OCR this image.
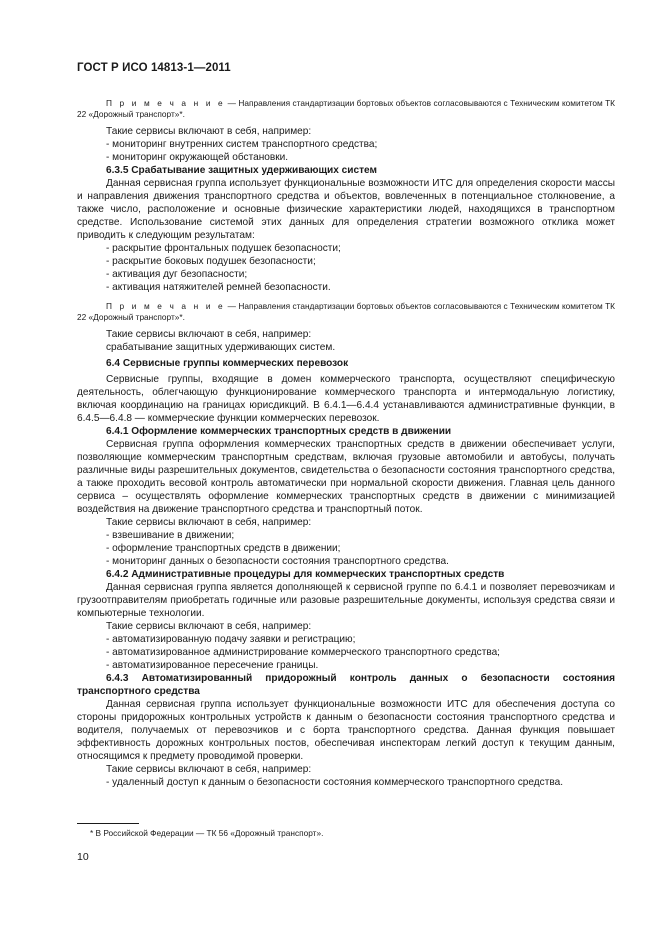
ГОСТ Р ИСО 14813-1—2011

П р и м е ч а н и е — Направления стандартизации бортовых объектов согласовываются с Техническим комитетом ТК 22 «Дорожный транспорт»*.

Такие сервисы включают в себя, например:

- мониторинг внутренних систем транспортного средства;

- мониторинг окружающей обстановки.

6.3.5 Срабатывание защитных удерживающих систем

Данная сервисная группа использует функциональные возможности ИТС для определения скорости массы и направления движения транспортного средства и объектов, вовлеченных в потенциальное столкновение, а также число, расположение и основные физические характеристики людей, находящихся в транспортном средстве. Использование системой этих данных для определения стратегии возможного отклика может приводить к следующим результатам:

- раскрытие фронтальных подушек безопасности;

- раскрытие боковых подушек безопасности;

- активация дуг безопасности;

- активация натяжителей ремней безопасности.

П р и м е ч а н и е — Направления стандартизации бортовых объектов согласовываются с Техническим комитетом ТК 22 «Дорожный транспорт»*.

Такие сервисы включают в себя, например:

срабатывание защитных удерживающих систем.

6.4 Сервисные группы коммерческих перевозок

Сервисные группы, входящие в домен коммерческого транспорта, осуществляют специфическую деятельность, облегчающую функционирование коммерческого транспорта и интермодальную логистику, включая координацию на границах юрисдикций. В 6.4.1—6.4.4 устанавливаются административные функции, в 6.4.5—6.4.8 — коммерческие функции коммерческих перевозок.

6.4.1 Оформление коммерческих транспортных средств в движении

Сервисная группа оформления коммерческих транспортных средств в движении обеспечивает услуги, позволяющие коммерческим транспортным средствам, включая грузовые автомобили и автобусы, получать различные виды разрешительных документов, свидетельства о безопасности состояния транспортного средства, а также проходить весовой контроль автоматически при нормальной скорости движения. Главная цель данного сервиса – осуществлять оформление коммерческих транспортных средств в движении с минимизацией воздействия на движение транспортного средства и транспортный поток.

Такие сервисы включают в себя, например:

- взвешивание в движении;

- оформление транспортных средств в движении;

- мониторинг данных о безопасности состояния транспортного средства.

6.4.2 Административные процедуры для коммерческих транспортных средств

Данная сервисная группа является дополняющей к сервисной группе по 6.4.1 и позволяет перевозчикам и грузоотправителям приобретать годичные или разовые разрешительные документы, используя средства связи и компьютерные технологии.

Такие сервисы включают в себя, например:

- автоматизированную подачу заявки и регистрацию;

- автоматизированное администрирование коммерческого транспортного средства;

- автоматизированное пересечение границы.

6.4.3 Автоматизированный придорожный контроль данных о безопасности состояния транспортного средства

Данная сервисная группа использует функциональные возможности ИТС для обеспечения доступа со стороны придорожных контрольных устройств к данным о безопасности состояния транспортного средства и водителя, получаемых от перевозчиков и с борта транспортного средства. Данная функция повышает эффективность дорожных контрольных постов, обеспечивая инспекторам легкий доступ к текущим данным, относящимся к предмету проводимой проверки.

Такие сервисы включают в себя, например:

- удаленный доступ к данным о безопасности состояния коммерческого транспортного средства.

* В Российской Федерации — ТК 56 «Дорожный транспорт».
10
